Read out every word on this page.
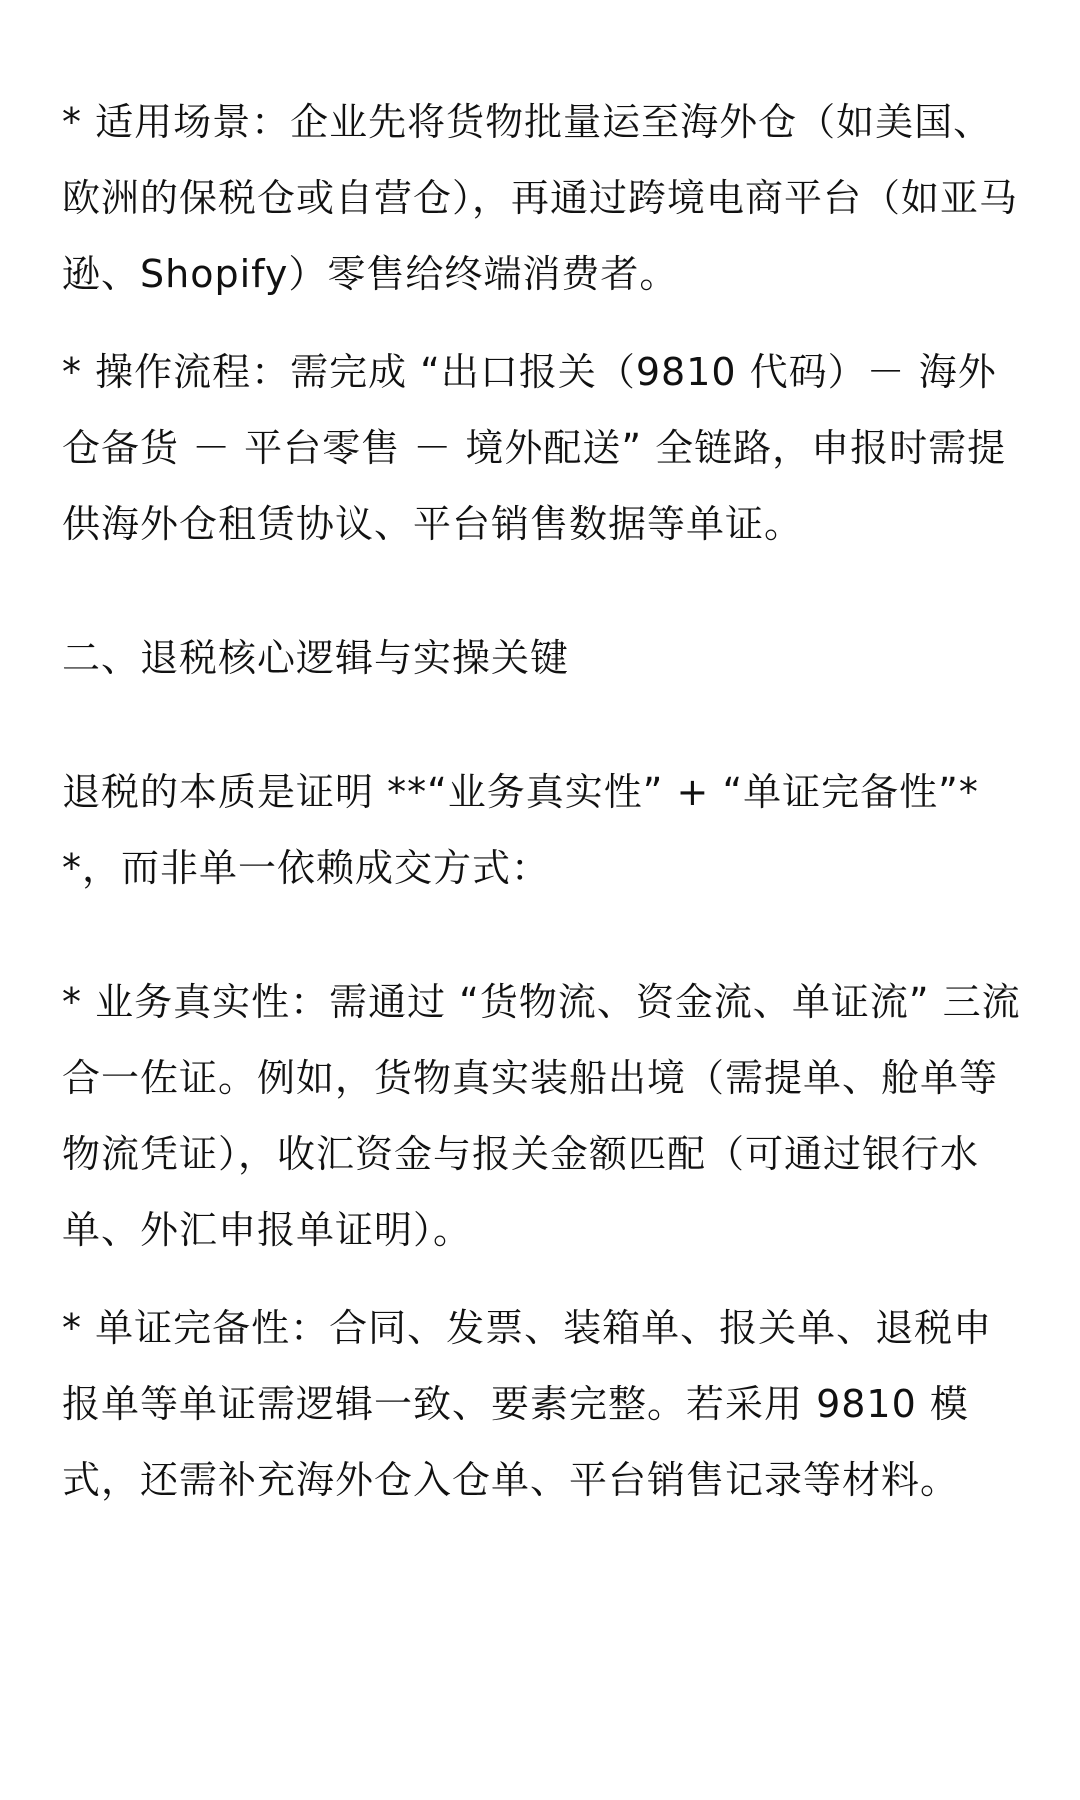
* 适用场景：企业先将货物批量运至海外仓（如美国、欧洲的保税仓或自营仓），再通过跨境电商平台（如亚马逊、Shopify）零售给终端消费者。

* 操作流程：需完成 “出口报关（9810 代码）－ 海外仓备货 － 平台零售 － 境外配送” 全链路，申报时需提供海外仓租赁协议、平台销售数据等单证。

二、退税核心逻辑与实操关键

退税的本质是证明 **“业务真实性” + “单证完备性”**，而非单一依赖成交方式：

* 业务真实性：需通过 “货物流、资金流、单证流” 三流合一佐证。例如，货物真实装船出境（需提单、舱单等物流凭证），收汇资金与报关金额匹配（可通过银行水单、外汇申报单证明）。

* 单证完备性：合同、发票、装箱单、报关单、退税申报单等单证需逻辑一致、要素完整。若采用 9810 模式，还需补充海外仓入仓单、平台销售记录等材料。
